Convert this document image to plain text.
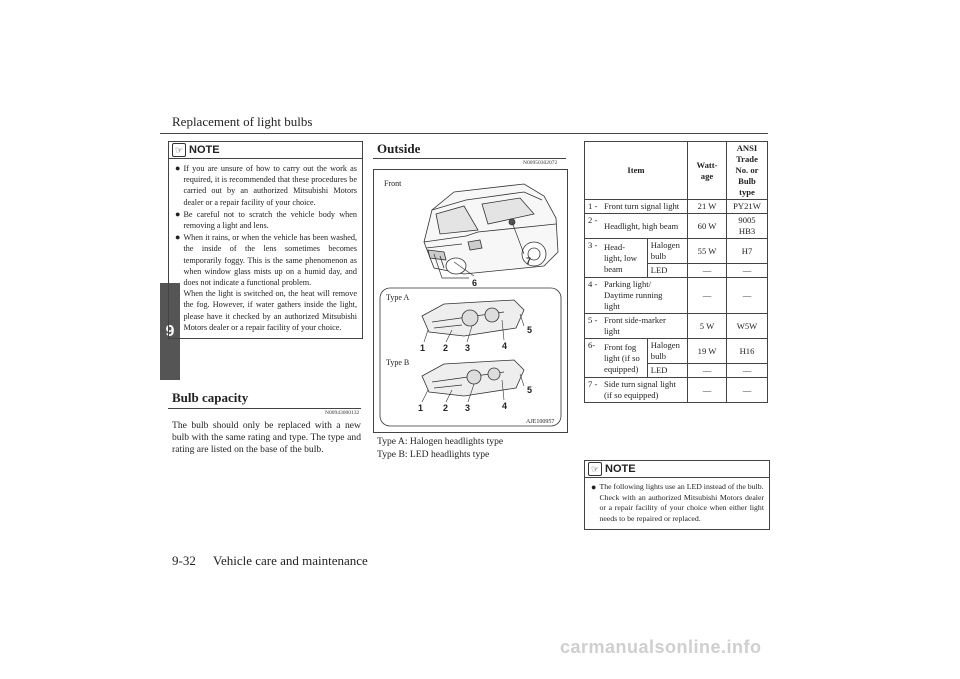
Replacement of light bulbs
9
☞ NOTE
● If you are unsure of how to carry out the work as required, it is recommended that these procedures be carried out by an authorized Mitsubishi Motors dealer or a repair facility of your choice.
● Be careful not to scratch the vehicle body when removing a light and lens.
● When it rains, or when the vehicle has been washed, the inside of the lens sometimes becomes temporarily foggy. This is the same phenomenon as when window glass mists up on a humid day, and does not indicate a functional problem.
When the light is switched on, the heat will remove the fog. However, if water gathers inside the light, please have it checked by an authorized Mitsubishi Motors dealer or a repair facility of your choice.
Bulb capacity
N00943000132
The bulb should only be replaced with a new bulb with the same rating and type. The type and rating are listed on the base of the bulb.
Outside
N00950302072
Front
6
7
Type A
Type B
1 2 3	4
5
1 2 3	4
5
AJE100957
Type A: Halogen headlights type
Type B: LED headlights type
Item			Watt-
age	ANSI
Trade
No. or
Bulb
type
1 -	Front turn signal light		21 W	PY21W
2 -	Headlight, high beam		60 W	9005
HB3
3 -	Head-
light, low
beam	Halogen
bulb	55 W	H7
		LED	—	—
4 -	Parking light/
Daytime running
light		—	—
5 -	Front side-marker
light		5 W	W5W
6-	Front fog
light (if so
equipped)	Halogen
bulb	19 W	H16
		LED	—	—
7 -	Side turn signal light
(if so equipped)		—	—
☞ NOTE
● The following lights use an LED instead of the bulb.
Check with an authorized Mitsubishi Motors dealer or a repair facility of your choice when either light needs to be repaired or replaced.
9-32 Vehicle care and maintenance
carmanualsonline.info
